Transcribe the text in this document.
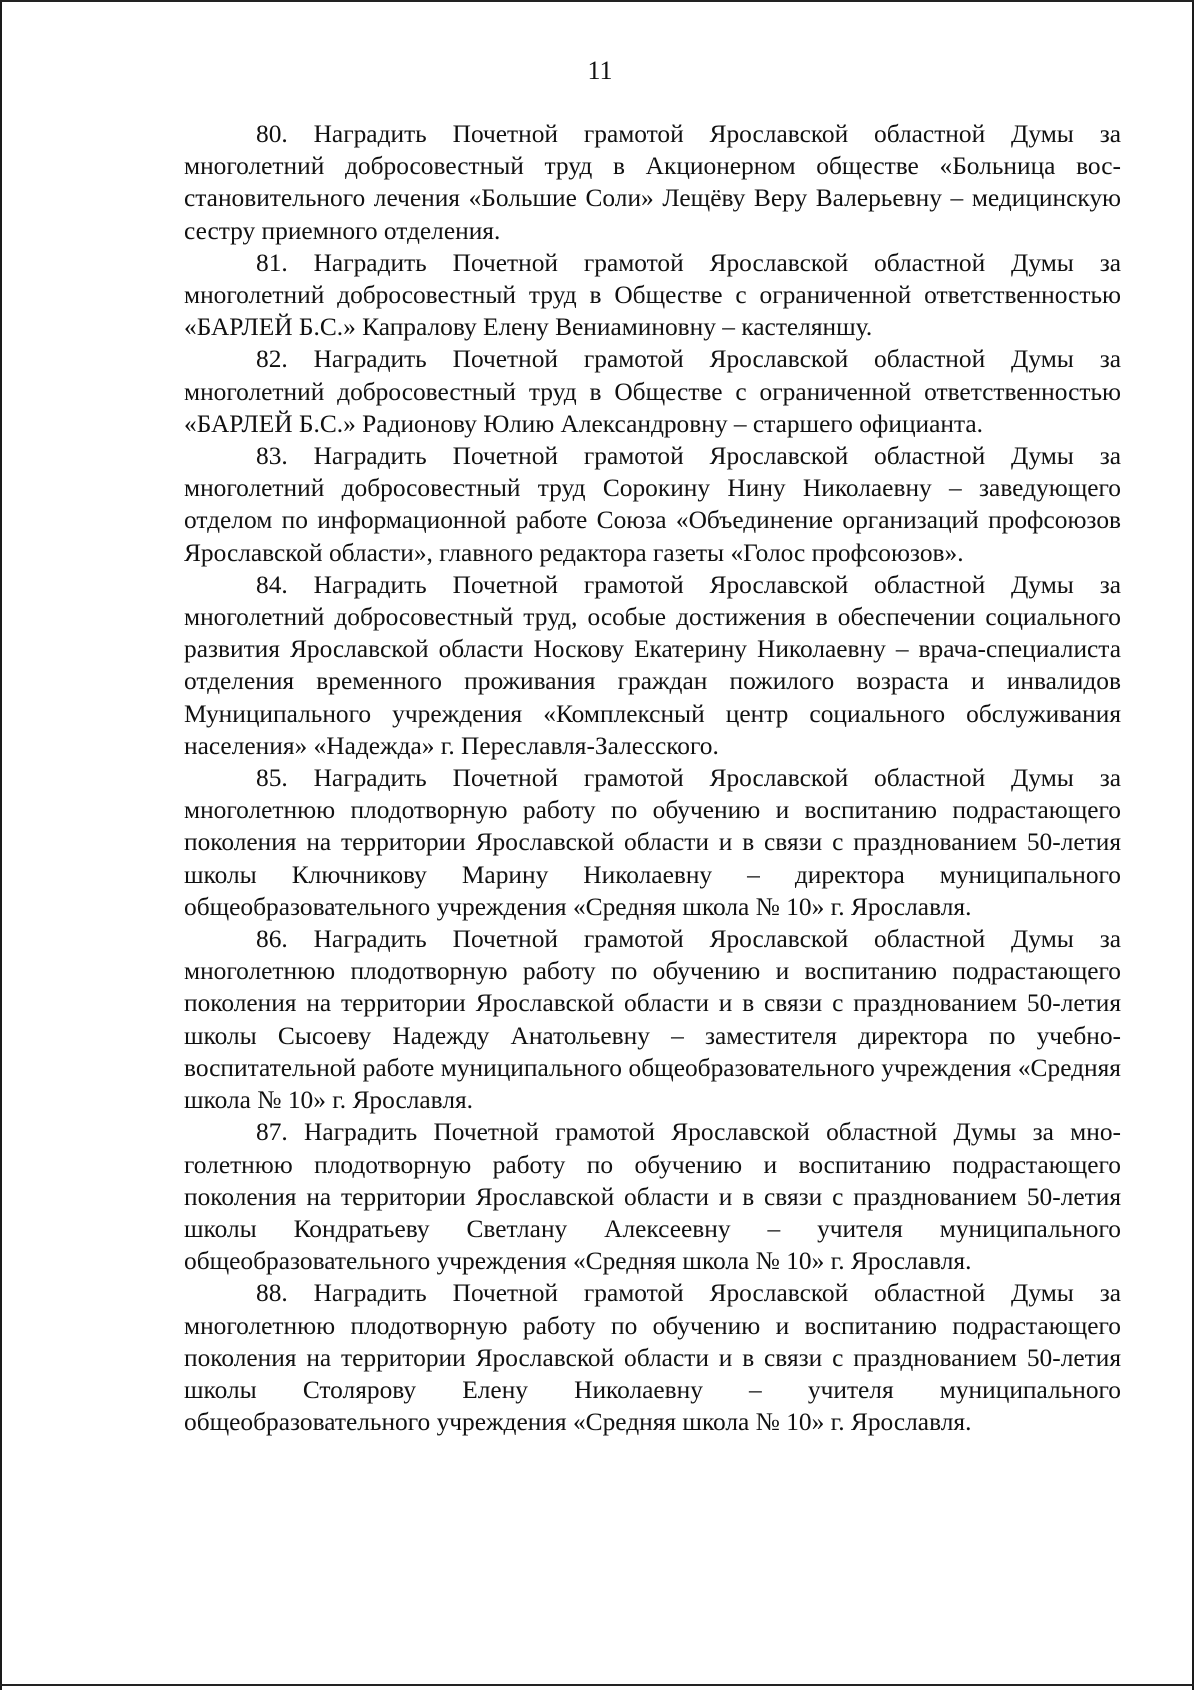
11

80. Наградить Почетной грамотой Ярославской областной Думы за многолетний добросовестный труд в Акционерном обществе «Больница восстановительного лечения «Большие Соли» Лещёву Веру Валерьевну – медицинскую сестру приемного отделения.

81. Наградить Почетной грамотой Ярославской областной Думы за многолетний добросовестный труд в Обществе с ограниченной ответственностью «БАРЛЕЙ Б.С.» Капралову Елену Вениаминовну – кастеляншу.

82. Наградить Почетной грамотой Ярославской областной Думы за многолетний добросовестный труд в Обществе с ограниченной ответственностью «БАРЛЕЙ Б.С.» Радионову Юлию Александровну – старшего официанта.

83. Наградить Почетной грамотой Ярославской областной Думы за многолетний добросовестный труд Сорокину Нину Николаевну – заведующего отделом по информационной работе Союза «Объединение организаций профсоюзов Ярославской области», главного редактора газеты «Голос профсоюзов».

84. Наградить Почетной грамотой Ярославской областной Думы за многолетний добросовестный труд, особые достижения в обеспечении социального развития Ярославской области Носкову Екатерину Николаевну – врача-специалиста отделения временного проживания граждан пожилого возраста и инвалидов Муниципального учреждения «Комплексный центр социального обслуживания населения» «Надежда» г. Переславля-Залесского.

85. Наградить Почетной грамотой Ярославской областной Думы за многолетнюю плодотворную работу по обучению и воспитанию подрастающего поколения на территории Ярославской области и в связи с празднованием 50-летия школы Ключникову Марину Николаевну – директора муниципального общеобразовательного учреждения «Средняя школа № 10» г. Ярославля.

86. Наградить Почетной грамотой Ярославской областной Думы за многолетнюю плодотворную работу по обучению и воспитанию подрастающего поколения на территории Ярославской области и в связи с празднованием 50-летия школы Сысоеву Надежду Анатольевну – заместителя директора по учебно-воспитательной работе муниципального общеобразовательного учреждения «Средняя школа № 10» г. Ярославля.

87. Наградить Почетной грамотой Ярославской областной Думы за многолетнюю плодотворную работу по обучению и воспитанию подрастающего поколения на территории Ярославской области и в связи с празднованием 50-летия школы Кондратьеву Светлану Алексеевну – учителя муниципального общеобразовательного учреждения «Средняя школа № 10» г. Ярославля.

88. Наградить Почетной грамотой Ярославской областной Думы за многолетнюю плодотворную работу по обучению и воспитанию подрастающего поколения на территории Ярославской области и в связи с празднованием 50-летия школы Столярову Елену Николаевну – учителя муниципального общеобразовательного учреждения «Средняя школа № 10» г. Ярославля.
